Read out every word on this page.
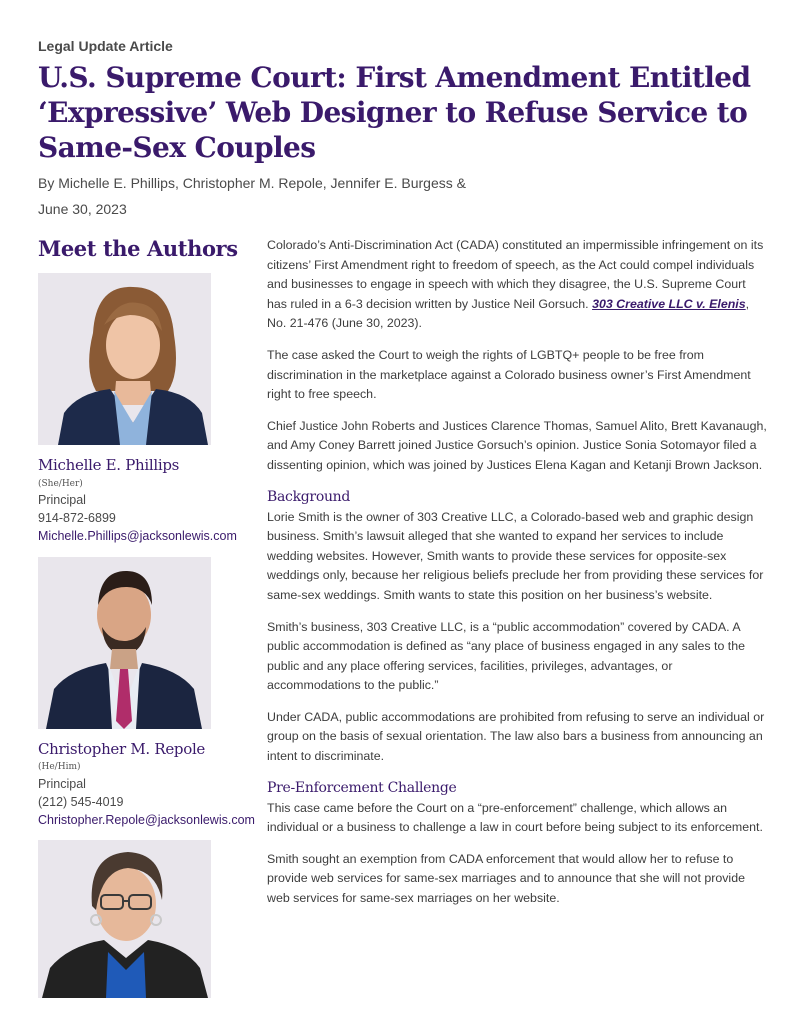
Legal Update Article
U.S. Supreme Court: First Amendment Entitled ‘Expressive’ Web Designer to Refuse Service to Same-Sex Couples
By Michelle E. Phillips, Christopher M. Repole, Jennifer E. Burgess &
June 30, 2023
Meet the Authors
Michelle E. Phillips
(She/Her)
Principal
914-872-6899
Michelle.Phillips@jacksonlewis.com
Christopher M. Repole
(He/Him)
Principal
(212) 545-4019
Christopher.Repole@jacksonlewis.com

Colorado’s Anti-Discrimination Act (CADA) constituted an impermissible infringement on its citizens’ First Amendment right to freedom of speech, as the Act could compel individuals and businesses to engage in speech with which they disagree, the U.S. Supreme Court has ruled in a 6-3 decision written by Justice Neil Gorsuch. 303 Creative LLC v. Elenis, No. 21-476 (June 30, 2023).

The case asked the Court to weigh the rights of LGBTQ+ people to be free from discrimination in the marketplace against a Colorado business owner’s First Amendment right to free speech.

Chief Justice John Roberts and Justices Clarence Thomas, Samuel Alito, Brett Kavanaugh, and Amy Coney Barrett joined Justice Gorsuch’s opinion. Justice Sonia Sotomayor filed a dissenting opinion, which was joined by Justices Elena Kagan and Ketanji Brown Jackson.

Background

Lorie Smith is the owner of 303 Creative LLC, a Colorado-based web and graphic design business. Smith’s lawsuit alleged that she wanted to expand her services to include wedding websites. However, Smith wants to provide these services for opposite-sex weddings only, because her religious beliefs preclude her from providing these services for same-sex weddings. Smith wants to state this position on her business’s website.

Smith’s business, 303 Creative LLC, is a “public accommodation” covered by CADA. A public accommodation is defined as “any place of business engaged in any sales to the public and any place offering services, facilities, privileges, advantages, or accommodations to the public.”

Under CADA, public accommodations are prohibited from refusing to serve an individual or group on the basis of sexual orientation. The law also bars a business from announcing an intent to discriminate.

Pre-Enforcement Challenge

This case came before the Court on a “pre-enforcement” challenge, which allows an individual or a business to challenge a law in court before being subject to its enforcement.

Smith sought an exemption from CADA enforcement that would allow her to refuse to provide web services for same-sex marriages and to announce that she will not provide web services for same-sex marriages on her website.
